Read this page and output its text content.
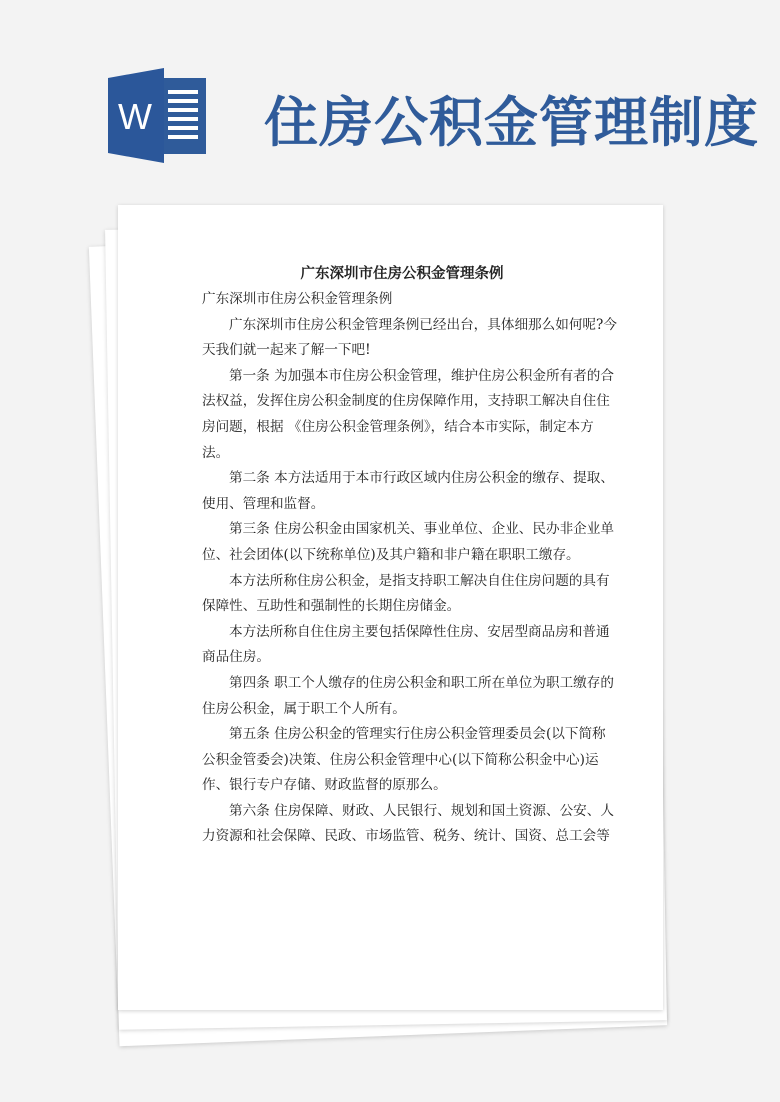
W 住房公积金管理制度
广东深圳市住房公积金管理条例
广东深圳市住房公积金管理条例
广东深圳市住房公积金管理条例已经出台，具体细那么如何呢?今
天我们就一起来了解一下吧!
第一条 为加强本市住房公积金管理，维护住房公积金所有者的合
法权益，发挥住房公积金制度的住房保障作用，支持职工解决自住住
房问题，根据 《住房公积金管理条例》，结合本市实际，制定本方
法。
第二条 本方法适用于本市行政区域内住房公积金的缴存、提取、
使用、管理和监督。
第三条 住房公积金由国家机关、事业单位、企业、民办非企业单
位、社会团体(以下统称单位)及其户籍和非户籍在职职工缴存。
本方法所称住房公积金，是指支持职工解决自住住房问题的具有
保障性、互助性和强制性的长期住房储金。
本方法所称自住住房主要包括保障性住房、安居型商品房和普通
商品住房。
第四条 职工个人缴存的住房公积金和职工所在单位为职工缴存的
住房公积金，属于职工个人所有。
第五条 住房公积金的管理实行住房公积金管理委员会(以下简称
公积金管委会)决策、住房公积金管理中心(以下简称公积金中心)运
作、银行专户存储、财政监督的原那么。
第六条 住房保障、财政、人民银行、规划和国土资源、公安、人
力资源和社会保障、民政、市场监管、税务、统计、国资、总工会等
